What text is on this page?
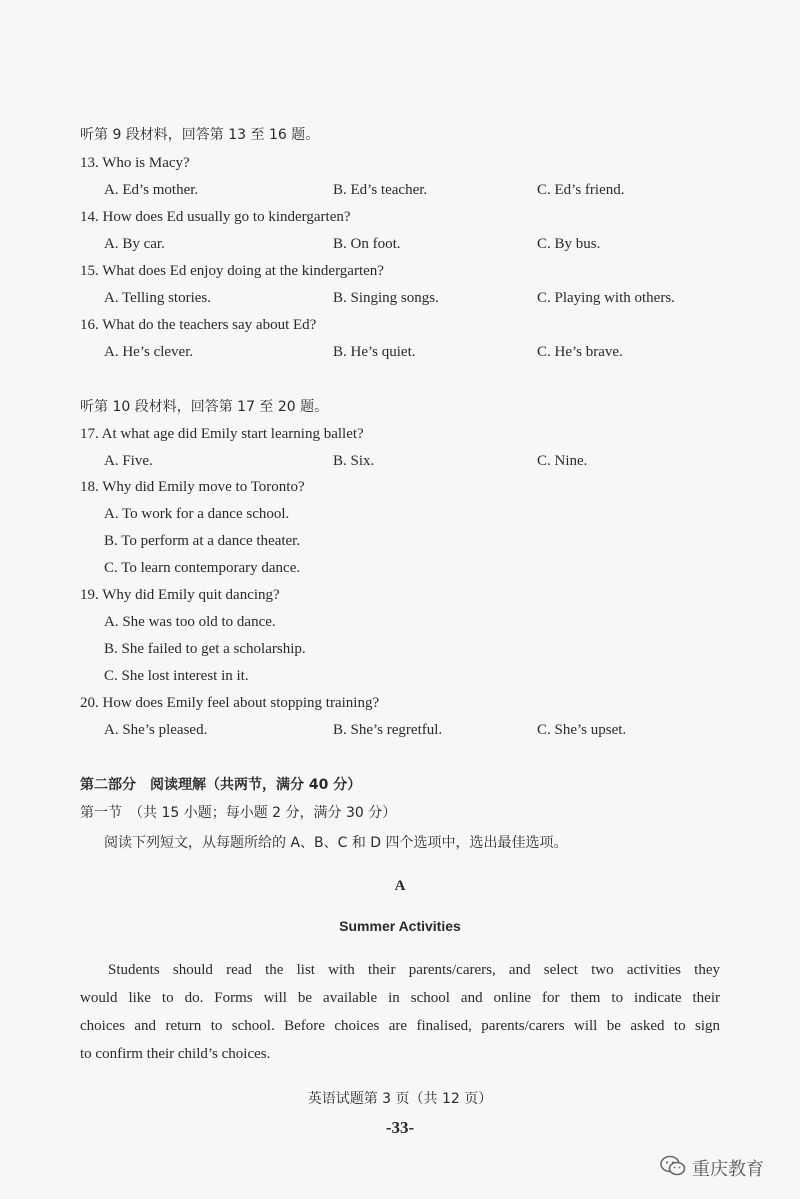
听第 9 段材料，回答第 13 至 16 题。
13. Who is Macy?
A. Ed’s mother.	B. Ed’s teacher.	C. Ed’s friend.
14. How does Ed usually go to kindergarten?
A. By car.	B. On foot.	C. By bus.
15. What does Ed enjoy doing at the kindergarten?
A. Telling stories.	B. Singing songs.	C. Playing with others.
16. What do the teachers say about Ed?
A. He’s clever.	B. He’s quiet.	C. He’s brave.
听第 10 段材料，回答第 17 至 20 题。
17. At what age did Emily start learning ballet?
A. Five.	B. Six.	C. Nine.
18. Why did Emily move to Toronto?
A. To work for a dance school.
B. To perform at a dance theater.
C. To learn contemporary dance.
19. Why did Emily quit dancing?
A. She was too old to dance.
B. She failed to get a scholarship.
C. She lost interest in it.
20. How does Emily feel about stopping training?
A. She’s pleased.	B. She’s regretful.	C. She’s upset.
第二部分　阅读理解（共两节，满分 40 分）
第一节　（共 15 小题；每小题 2 分，满分 30 分）
阅读下列短文，从每题所给的 A、B、C 和 D 四个选项中，选出最佳选项。
A
Summer Activities
Students should read the list with their parents/carers, and select two activities they
would like to do. Forms will be available in school and online for them to indicate their
choices and return to school. Before choices are finalised, parents/carers will be asked to sign
to confirm their child’s choices.
英语试题第 3 页（共 12 页）
-33-
重庆教育
